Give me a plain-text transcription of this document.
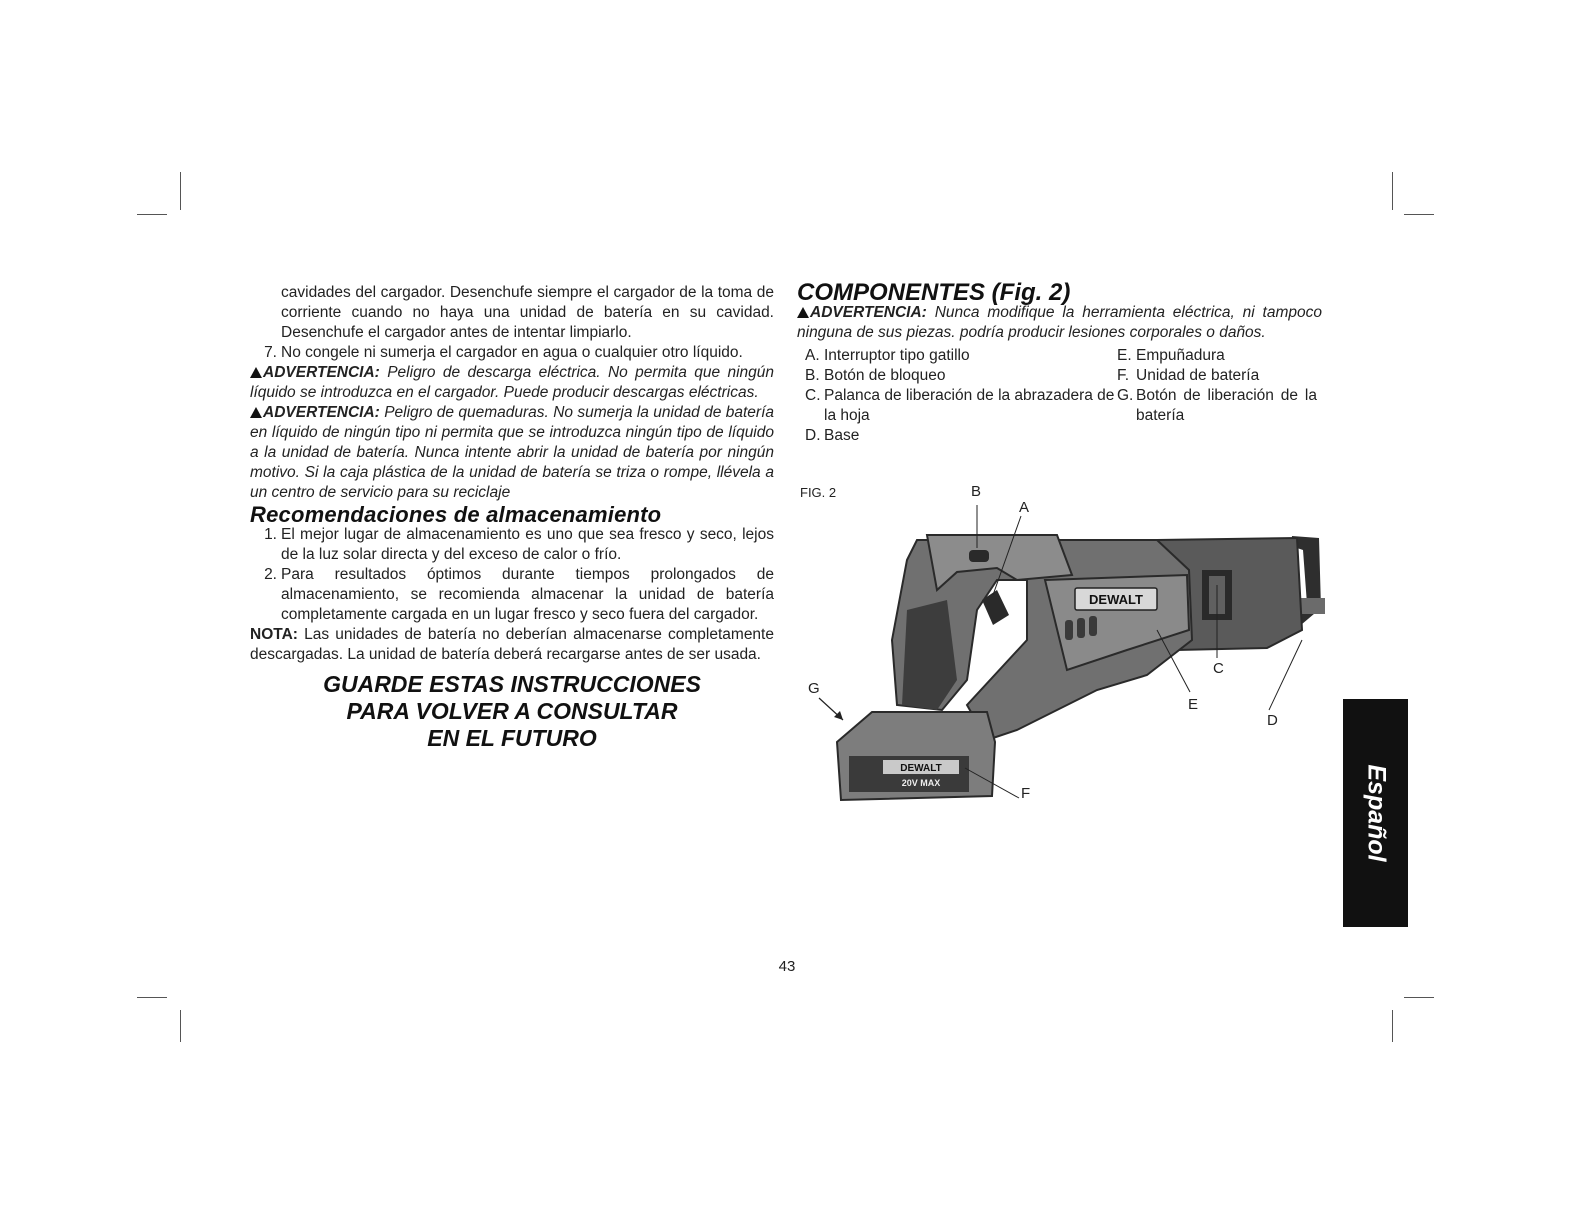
cavidades del cargador. Desenchufe siempre el cargador de la toma de corriente cuando no haya una unidad de batería en su cavidad. Desenchufe el cargador antes de intentar limpiarlo.

7. No congele ni sumerja el cargador en agua o cualquier otro líquido.

ADVERTENCIA: Peligro de descarga eléctrica. No permita que ningún líquido se introduzca en el cargador. Puede producir descargas eléctricas.

ADVERTENCIA: Peligro de quemaduras. No sumerja la unidad de batería en líquido de ningún tipo ni permita que se introduzca ningún tipo de líquido a la unidad de batería. Nunca intente abrir la unidad de batería por ningún motivo. Si la caja plástica de la unidad de batería se triza o rompe, llévela a un centro de servicio para su reciclaje

Recomendaciones de almacenamiento
1. El mejor lugar de almacenamiento es uno que sea fresco y seco, lejos de la luz solar directa y del exceso de calor o frío.
2. Para resultados óptimos durante tiempos prolongados de almacenamiento, se recomienda almacenar la unidad de batería completamente cargada en un lugar fresco y seco fuera del cargador.

NOTA: Las unidades de batería no deberían almacenarse completamente descargadas. La unidad de batería deberá recargarse antes de ser usada.

GUARDE ESTAS INSTRUCCIONES
PARA VOLVER A CONSULTAR
EN EL FUTURO
COMPONENTES (Fig. 2)

ADVERTENCIA: Nunca modifique la herramienta eléctrica, ni tampoco ninguna de sus piezas. podría producir lesiones corporales o daños.

A. Interruptor tipo gatillo
B. Botón de bloqueo
C. Palanca de liberación de la abrazadera de la hoja
D. Base
E. Empuñadura
F. Unidad de batería
G. Botón de liberación de la batería
FIG. 2
DEWALT
DEWALT
20V MAX
B
A
C
E
D
G
F
43
Español
